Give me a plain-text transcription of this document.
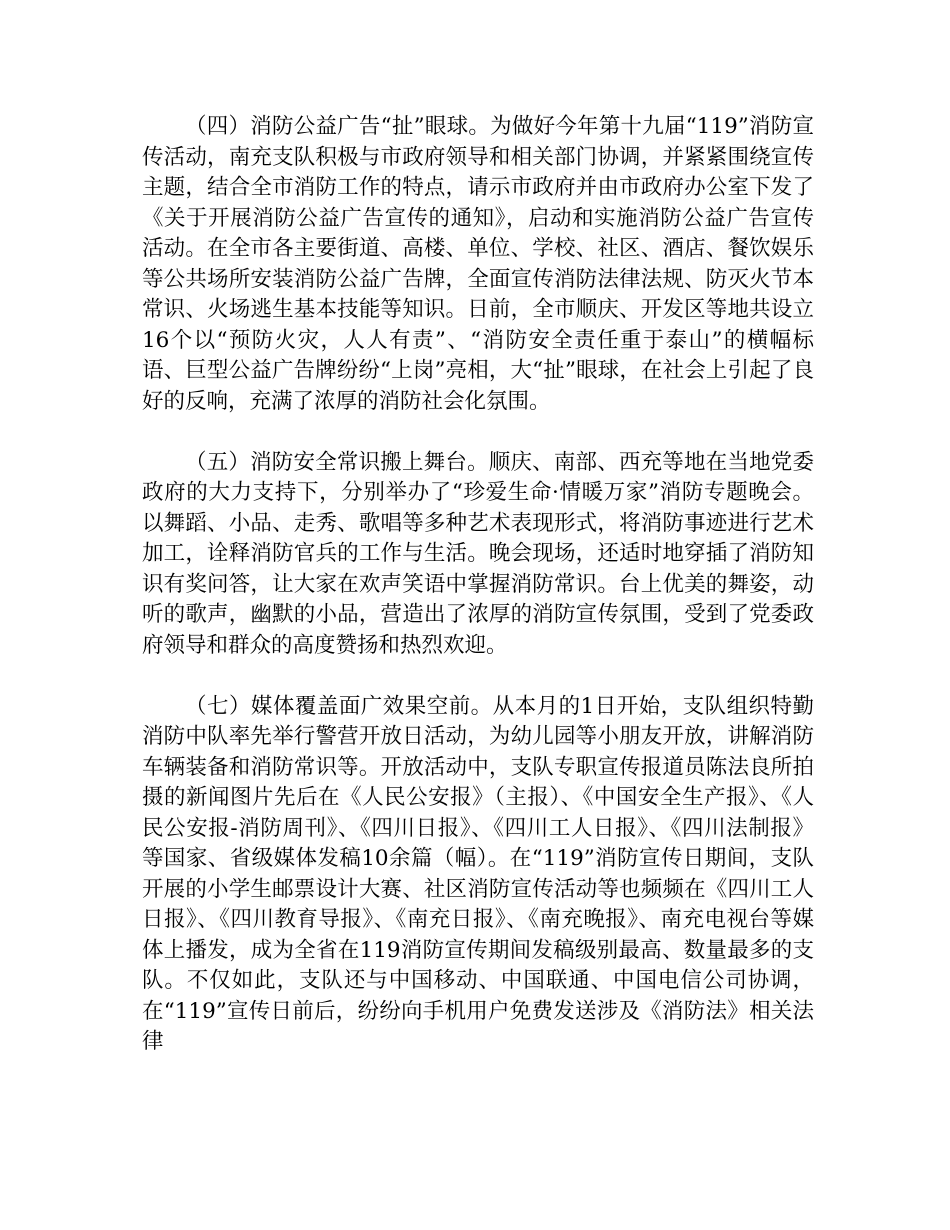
（四）消防公益广告“扯”眼球。为做好今年第十九届“119”消防宣传活动，南充支队积极与市政府领导和相关部门协调，并紧紧围绕宣传主题，结合全市消防工作的特点，请示市政府并由市政府办公室下发了《关于开展消防公益广告宣传的通知》，启动和实施消防公益广告宣传活动。在全市各主要街道、高楼、单位、学校、社区、酒店、餐饮娱乐等公共场所安装消防公益广告牌，全面宣传消防法律法规、防灭火节本常识、火场逃生基本技能等知识。日前，全市顺庆、开发区等地共设立16个以“预防火灾，人人有责”、“消防安全责任重于泰山”的横幅标语、巨型公益广告牌纷纷“上岗”亮相，大“扯”眼球，在社会上引起了良好的反响，充满了浓厚的消防社会化氛围。

（五）消防安全常识搬上舞台。顺庆、南部、西充等地在当地党委政府的大力支持下，分别举办了“珍爱生命·情暖万家”消防专题晚会。以舞蹈、小品、走秀、歌唱等多种艺术表现形式，将消防事迹进行艺术加工，诠释消防官兵的工作与生活。晚会现场，还适时地穿插了消防知识有奖问答，让大家在欢声笑语中掌握消防常识。台上优美的舞姿，动听的歌声，幽默的小品，营造出了浓厚的消防宣传氛围，受到了党委政府领导和群众的高度赞扬和热烈欢迎。

（七）媒体覆盖面广效果空前。从本月的1日开始，支队组织特勤消防中队率先举行警营开放日活动，为幼儿园等小朋友开放，讲解消防车辆装备和消防常识等。开放活动中，支队专职宣传报道员陈法良所拍摄的新闻图片先后在《人民公安报》（主报）、《中国安全生产报》、《人民公安报-消防周刊》、《四川日报》、《四川工人日报》、《四川法制报》等国家、省级媒体发稿10余篇（幅）。在“119”消防宣传日期间，支队开展的小学生邮票设计大赛、社区消防宣传活动等也频频在《四川工人日报》、《四川教育导报》、《南充日报》、《南充晚报》、南充电视台等媒体上播发，成为全省在119消防宣传期间发稿级别最高、数量最多的支队。不仅如此，支队还与中国移动、中国联通、中国电信公司协调，在“119”宣传日前后，纷纷向手机用户免费发送涉及《消防法》相关法律
